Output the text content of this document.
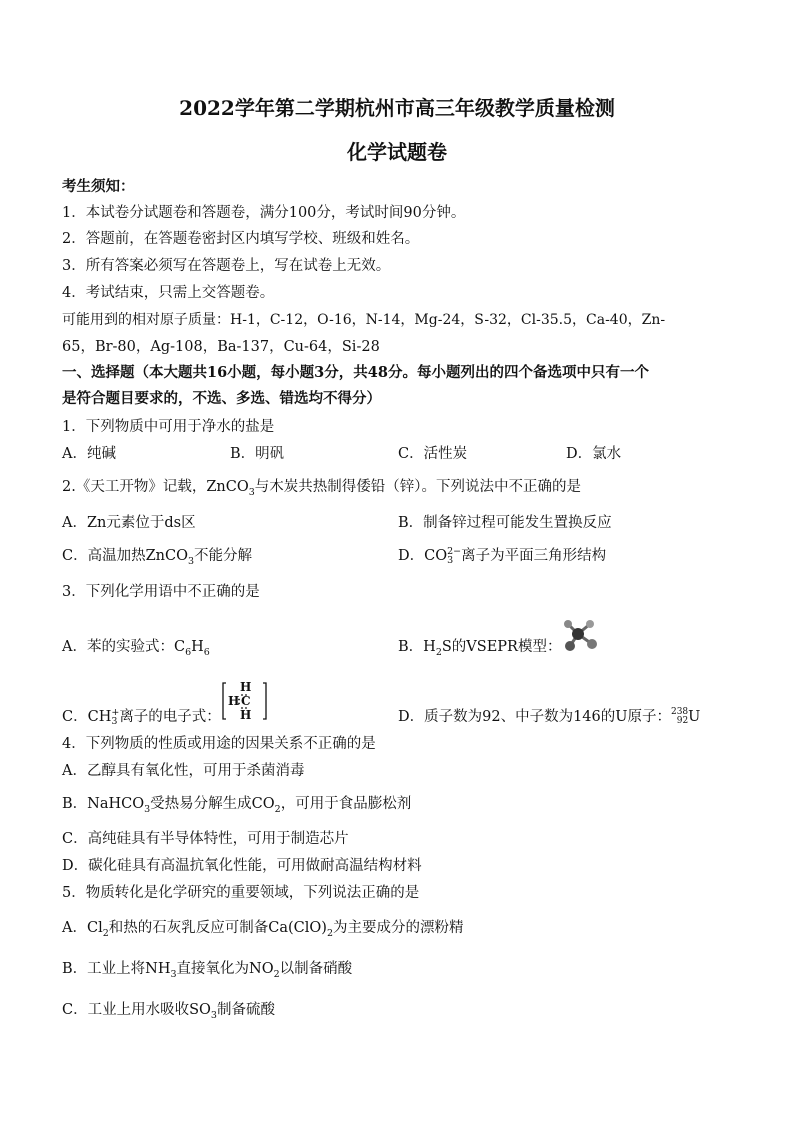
2022学年第二学期杭州市高三年级教学质量检测
化学试题卷
考生须知：
1．本试卷分试题卷和答题卷，满分100分，考试时间90分钟。
2．答题前，在答题卷密封区内填写学校、班级和姓名。
3．所有答案必须写在答题卷上，写在试卷上无效。
4．考试结束，只需上交答题卷。
可能用到的相对原子质量：H-1，C-12，O-16，N-14，Mg-24，S-32，Cl-35.5，Ca-40，Zn-
65，Br-80，Ag-108，Ba-137，Cu-64，Si-28
一、选择题（本大题共16小题，每小题3分，共48分。每小题列出的四个备选项中只有一个
是符合题目要求的，不选、多选、错选均不得分）
1．下列物质中可用于净水的盐是
A．纯碱	B．明矾	C．活性炭	D．氯水
2.《天工开物》记载，ZnCO$_3$与木炭共热制得倭铅（锌）。下列说法中不正确的是
A．Zn元素位于ds区	B．制备锌过程可能发生置换反应
C．高温加热ZnCO$_3$不能分解	D．CO 2−
3 离子为平面三角形结构
3．下列化学用语中不正确的是
A．苯的实验式：$C_6H_6$	B．$H_2S$的VSEPR模型：
C．CH +
3 离子的电子式：
H
H C
H	D．质子数为92、中子数为146的U原子： 238
92 U
4．下列物质的性质或用途的因果关系不正确的是
A．乙醇具有氧化性，可用于杀菌消毒
B．NaHCO$_3$受热易分解生成$CO_2$，可用于食品膨松剂
C．高纯硅具有半导体特性，可用于制造芯片
D．碳化硅具有高温抗氧化性能，可用做耐高温结构材料
5．物质转化是化学研究的重要领域，下列说法正确的是
A．$Cl_2$和热的石灰乳反应可制备$Ca(ClO)_2$为主要成分的漂粉精
B．工业上将$NH_3$直接氧化为$NO_2$以制备硝酸
C．工业上用水吸收$SO_3$制备硫酸
